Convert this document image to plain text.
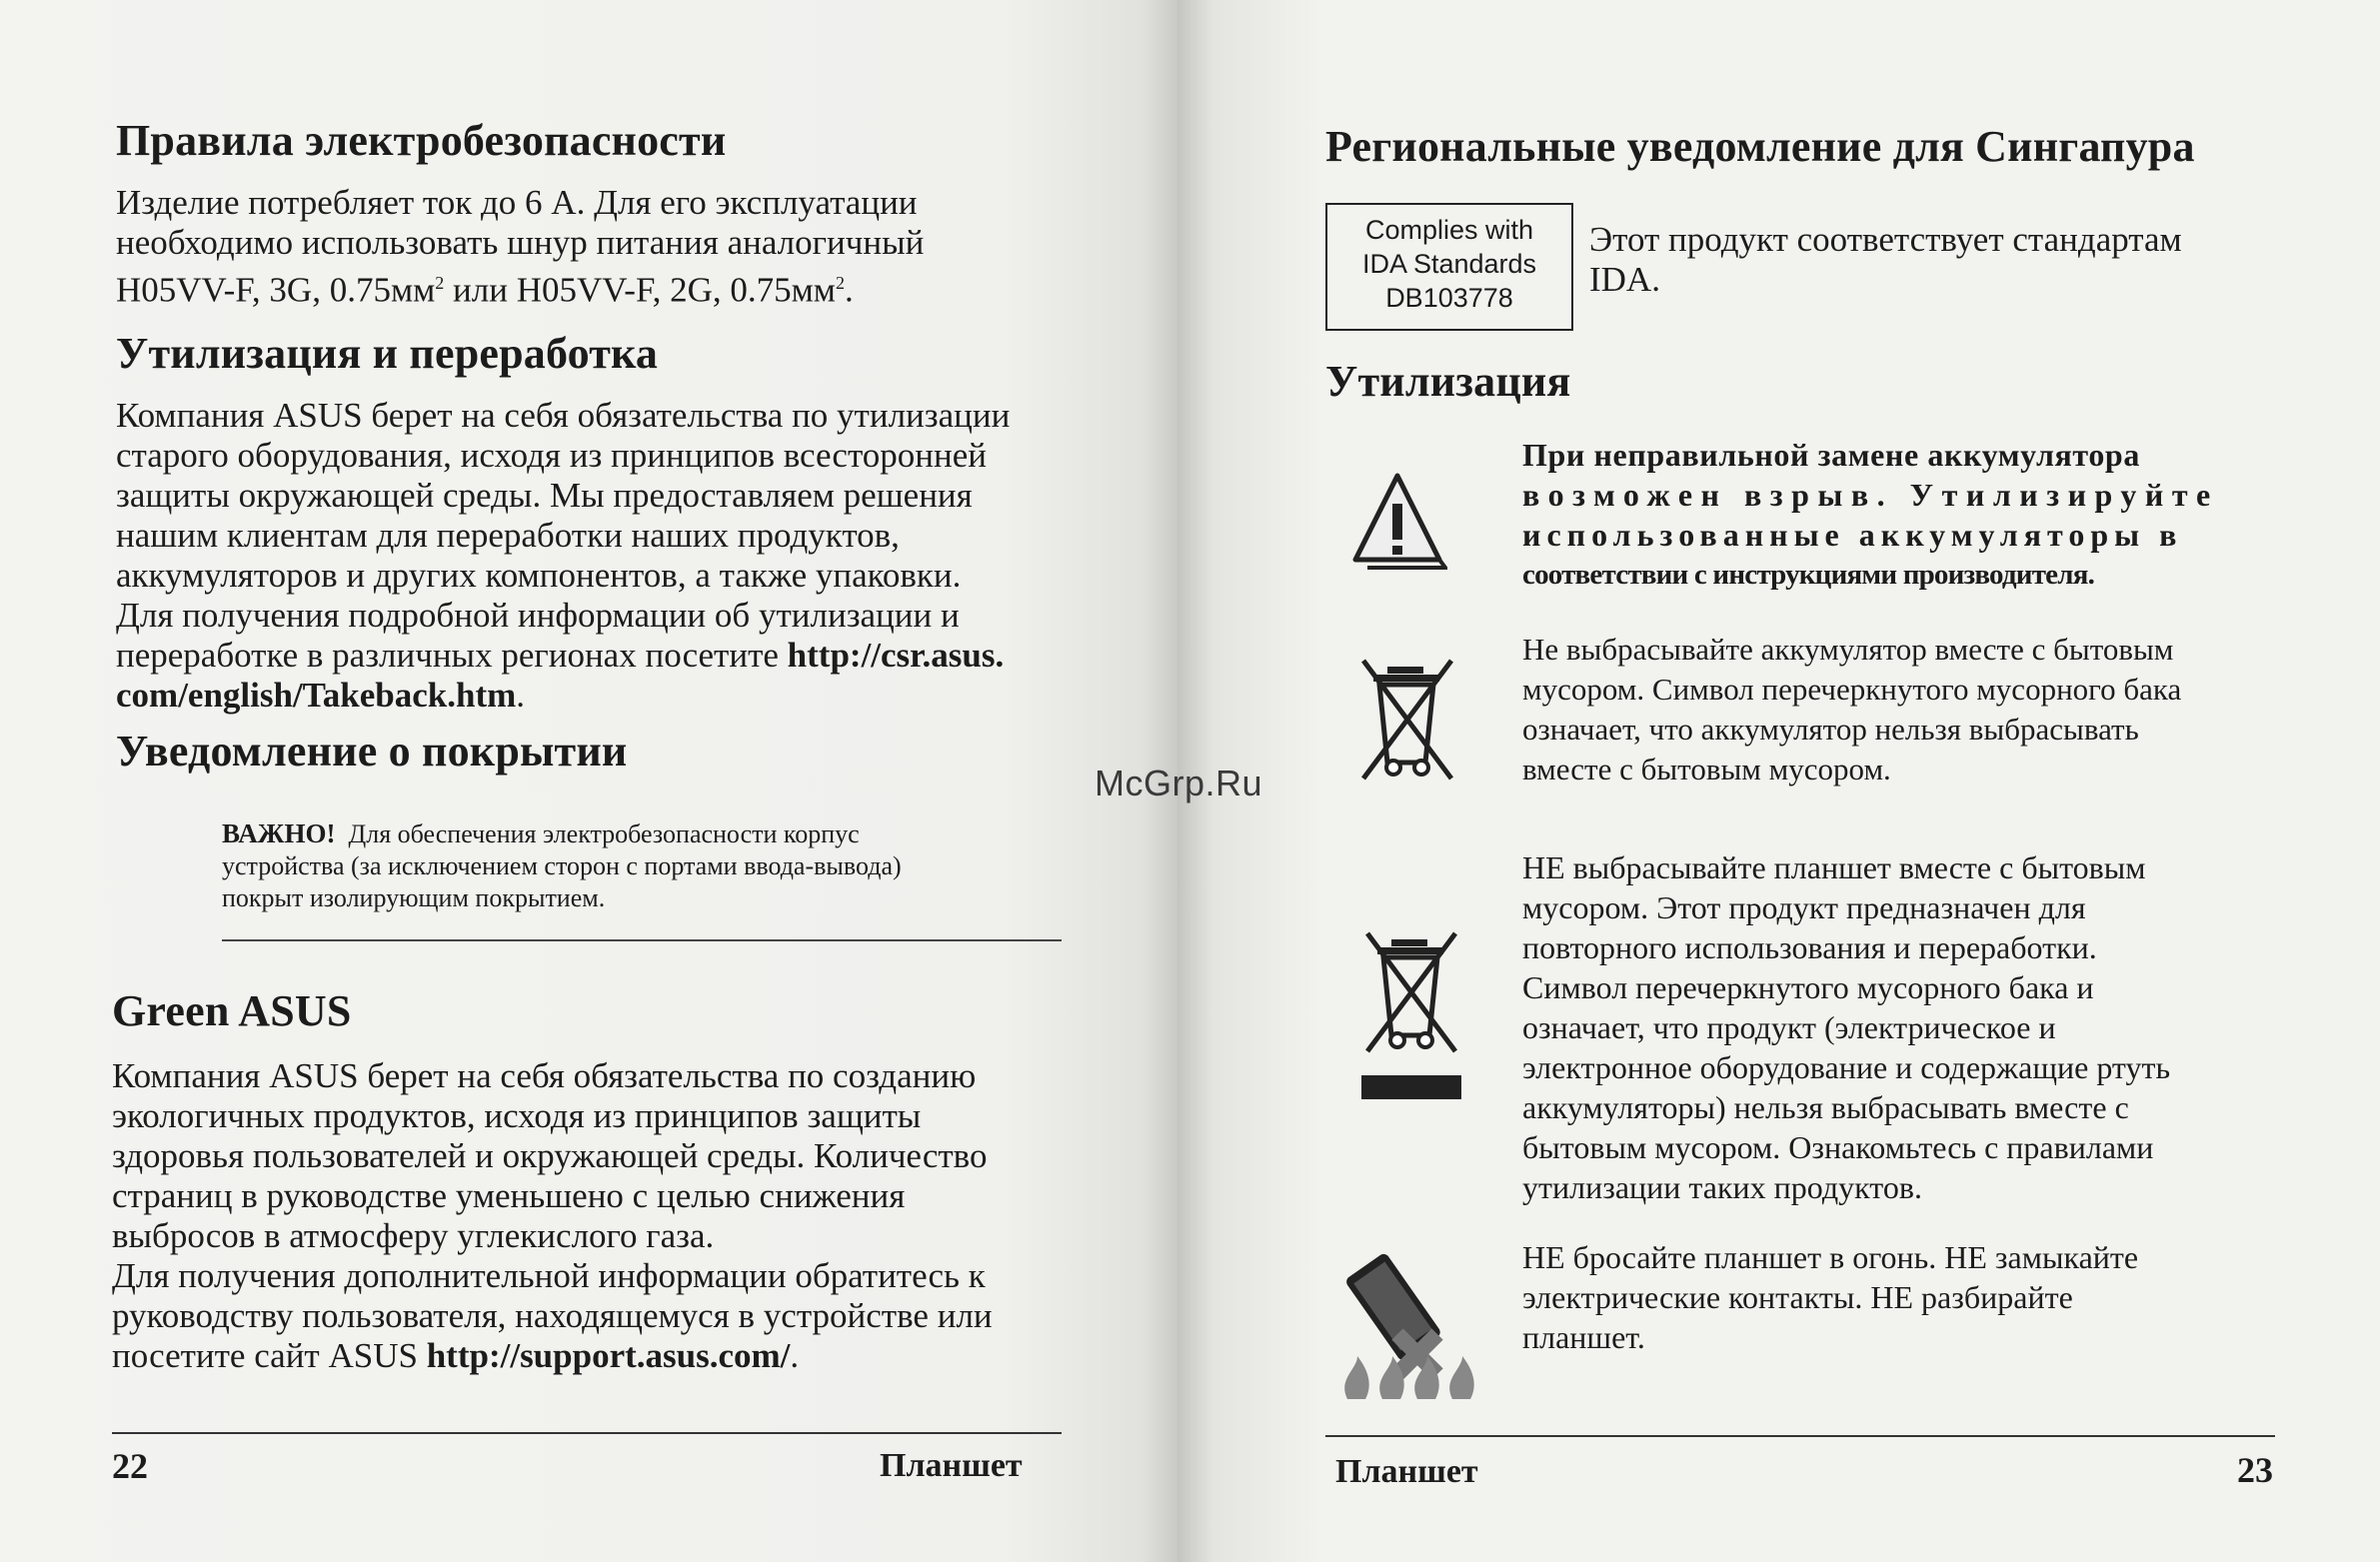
Правила электробезопасности
Изделие потребляет ток до 6 А. Для его эксплуатации
необходимо использовать шнур питания аналогичный
H05VV-F, 3G, $0.75мм^2$ или H05VV-F, 2G, $0.75мм^2$.
Утилизация и переработка
Компания ASUS берет на себя обязательства по утилизации
старого оборудования, исходя из принципов всесторонней
защиты окружающей среды. Мы предоставляем решения
нашим клиентам для переработки наших продуктов,
аккумуляторов и других компонентов, а также упаковки.
Для получения подробной информации об утилизации и
переработке в различных регионах посетите http://csr.asus.
com/english/Takeback.htm.
Уведомление о покрытии
ВАЖНО! Для обеспечения электробезопасности корпус
устройства (за исключением сторон с портами ввода-вывода)
покрыт изолирующим покрытием.
Green ASUS
Компания ASUS берет на себя обязательства по созданию
экологичных продуктов, исходя из принципов защиты
здоровья пользователей и окружающей среды. Количество
страниц в руководстве уменьшено с целью снижения
выбросов в атмосферу углекислого газа.
Для получения дополнительной информации обратитесь к
руководству пользователя, находящемуся в устройстве или
посетите сайт ASUS http://support.asus.com/.
22	Планшет
Региональные уведомление для Сингапура
Complies with
IDA Standards
DB103778
Этот продукт соответствует стандартам
IDA.
Утилизация
При неправильной замене аккумулятора
возможен взрыв. Утилизируйте
использованные аккумуляторы в
соответствии с инструкциями производителя.
Не выбрасывайте аккумулятор вместе с бытовым
мусором. Символ перечеркнутого мусорного бака
означает, что аккумулятор нельзя выбрасывать
вместе с бытовым мусором.
НЕ выбрасывайте планшет вместе с бытовым
мусором. Этот продукт предназначен для
повторного использования и переработки.
Символ перечеркнутого мусорного бака и
означает, что продукт (электрическое и
электронное оборудование и содержащие ртуть
аккумуляторы) нельзя выбрасывать вместе с
бытовым мусором. Ознакомьтесь с правилами
утилизации таких продуктов.
НЕ бросайте планшет в огонь. НЕ замыкайте
электрические контакты. НЕ разбирайте
планшет.
Планшет	23
McGrp.Ru
